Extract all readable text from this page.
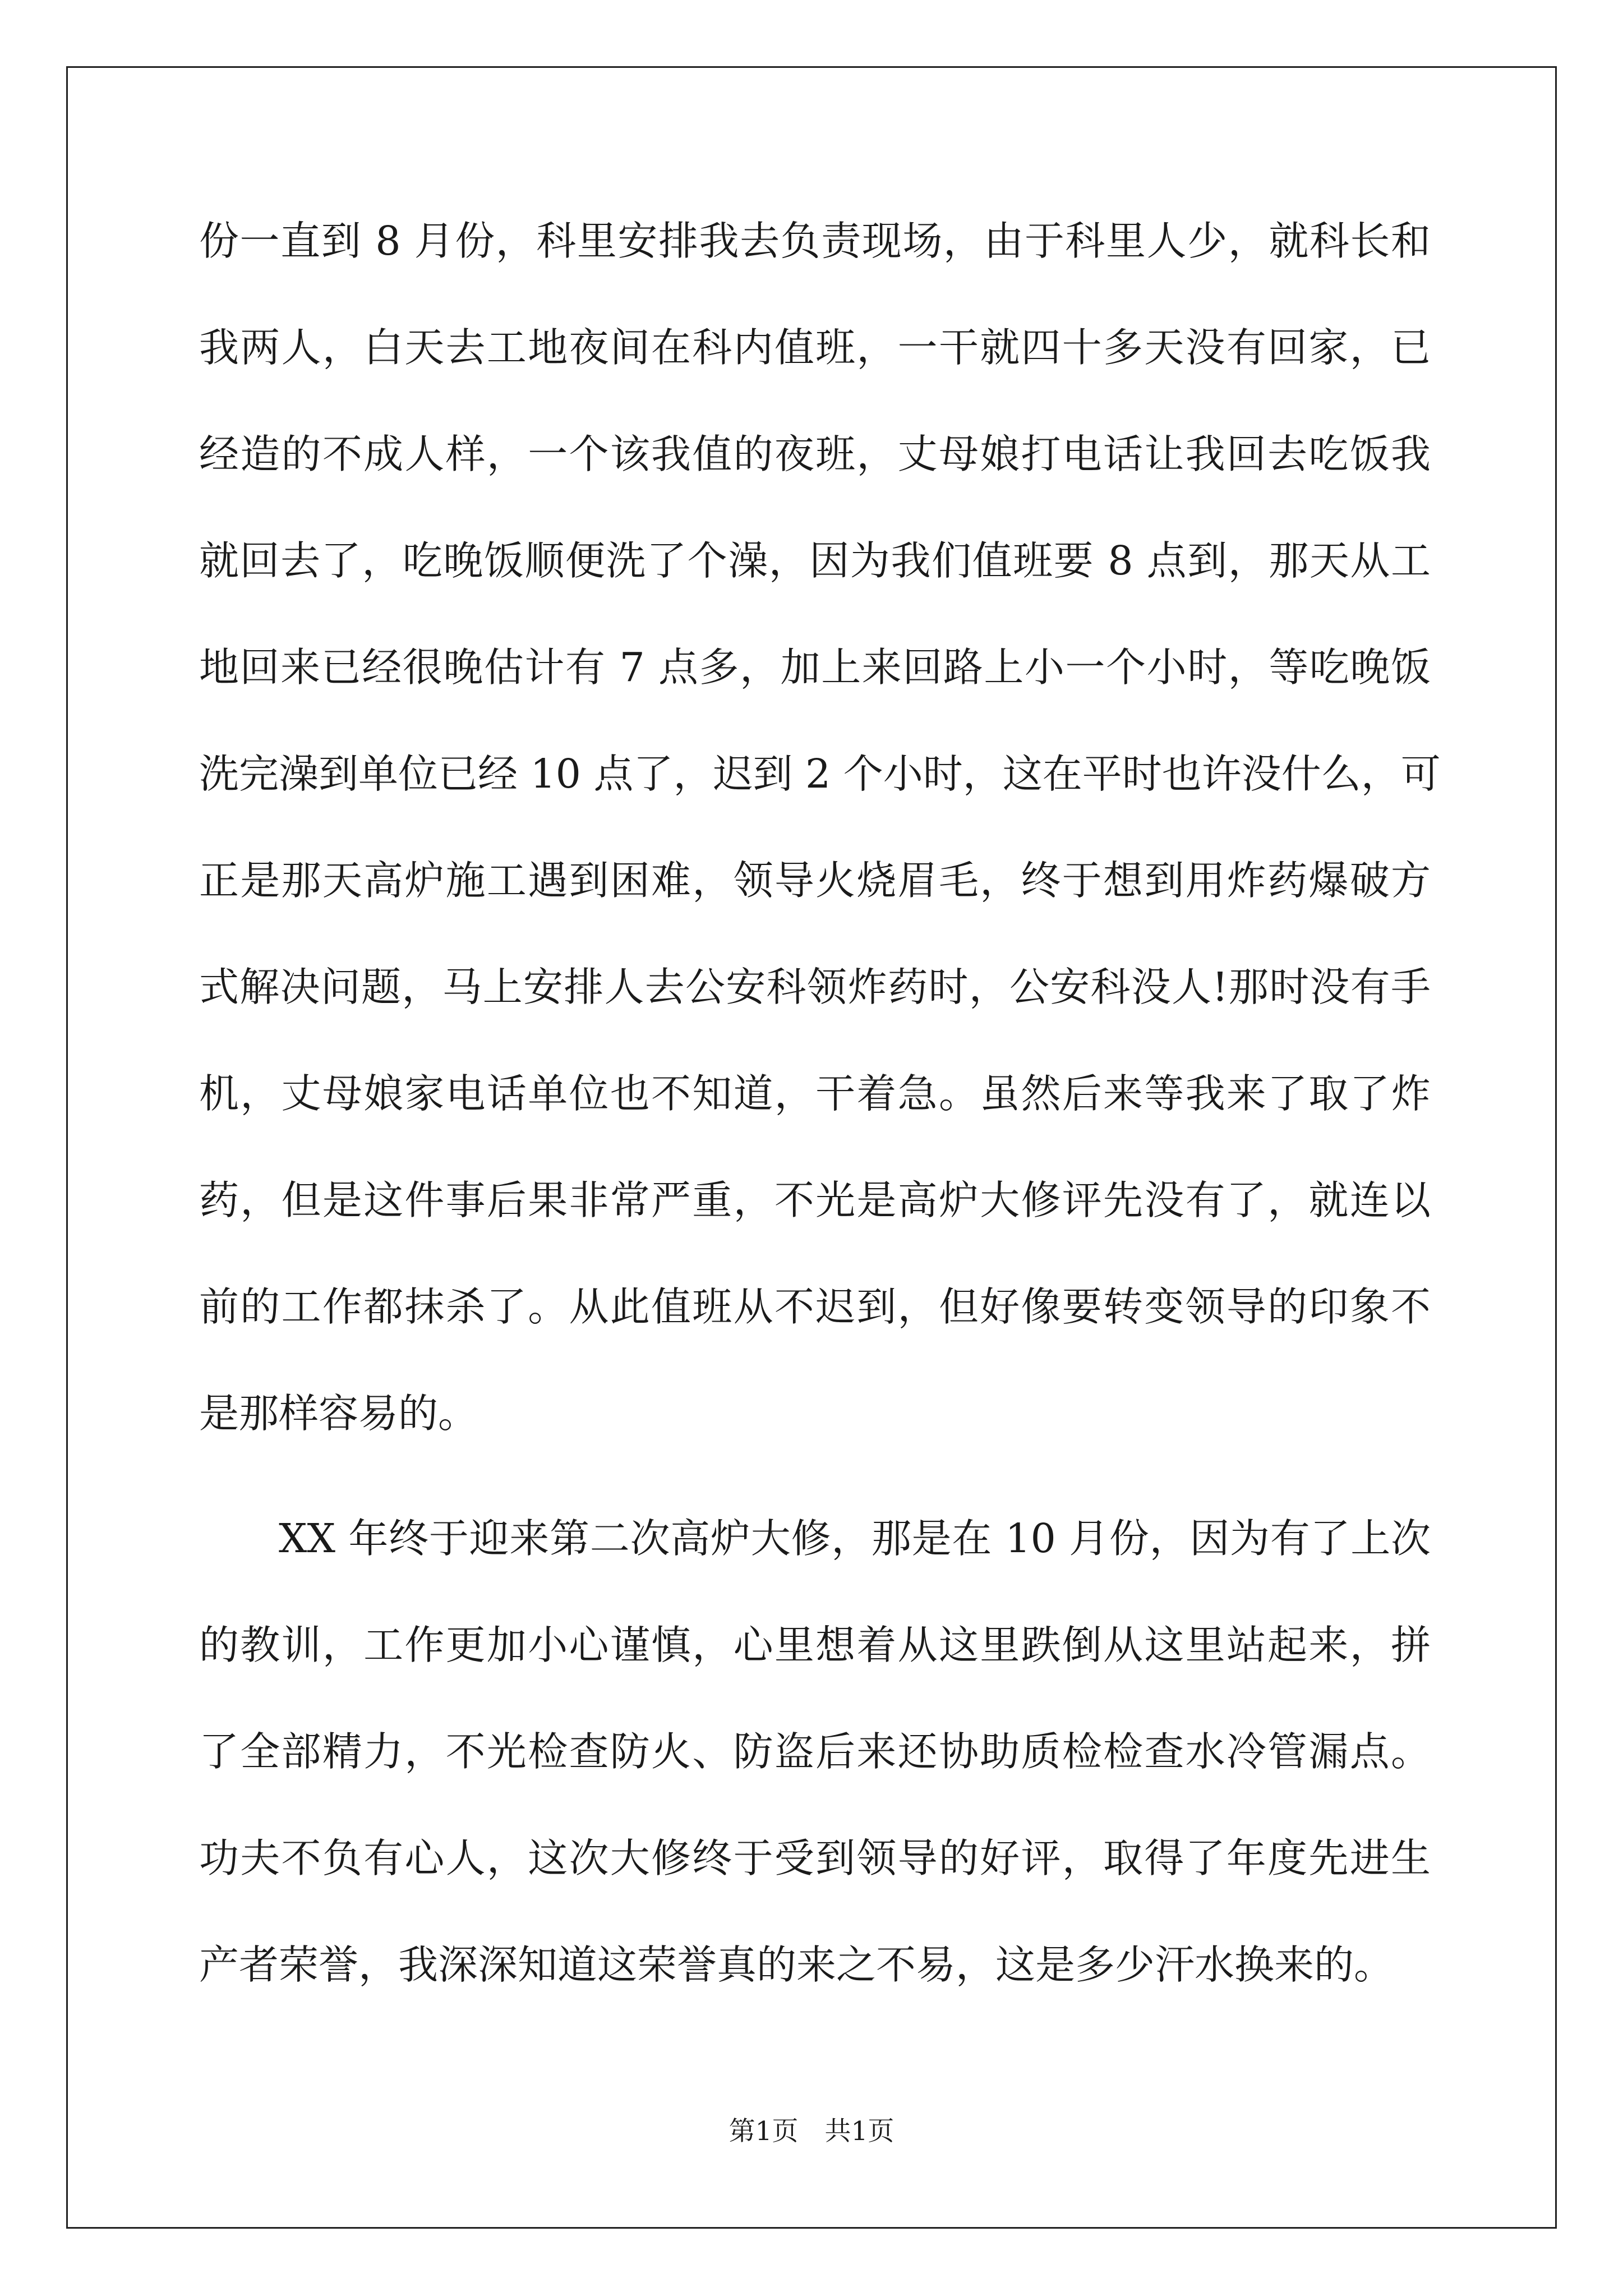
份一直到 8 月份，科里安排我去负责现场，由于科里人少，就科长和
我两人，白天去工地夜间在科内值班，一干就四十多天没有回家，已
经造的不成人样，一个该我值的夜班，丈母娘打电话让我回去吃饭我
就回去了，吃晚饭顺便洗了个澡，因为我们值班要 8 点到，那天从工
地回来已经很晚估计有 7 点多，加上来回路上小一个小时，等吃晚饭
洗完澡到单位已经 10 点了，迟到 2 个小时，这在平时也许没什么，可
正是那天高炉施工遇到困难，领导火烧眉毛，终于想到用炸药爆破方
式解决问题，马上安排人去公安科领炸药时，公安科没人!那时没有手
机，丈母娘家电话单位也不知道，干着急。虽然后来等我来了取了炸
药，但是这件事后果非常严重，不光是高炉大修评先没有了，就连以
前的工作都抹杀了。从此值班从不迟到，但好像要转变领导的印象不
是那样容易的。
XX 年终于迎来第二次高炉大修，那是在 10 月份，因为有了上次
的教训，工作更加小心谨慎，心里想着从这里跌倒从这里站起来，拼
了全部精力，不光检查防火、防盗后来还协助质检检查水冷管漏点。
功夫不负有心人，这次大修终于受到领导的好评，取得了年度先进生
产者荣誉，我深深知道这荣誉真的来之不易，这是多少汗水换来的。
第1页　共1页
